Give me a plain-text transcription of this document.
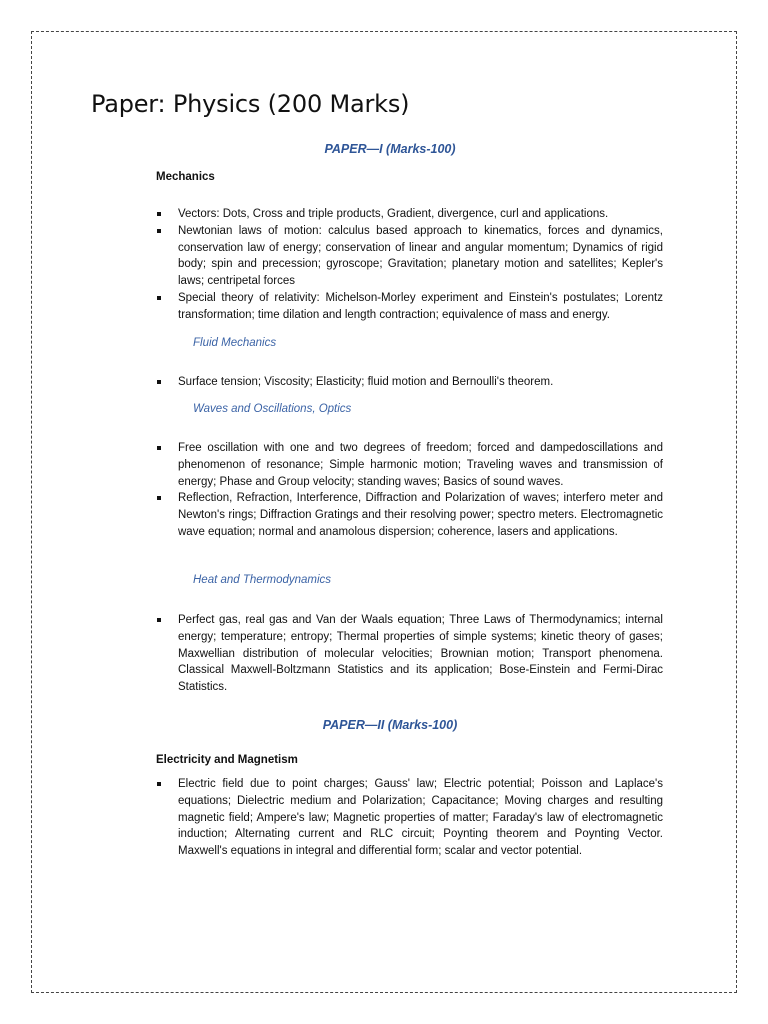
Paper: Physics (200 Marks)
PAPER—I (Marks-100)
Mechanics
Vectors: Dots, Cross and triple products, Gradient, divergence, curl and applications.
Newtonian laws of motion: calculus based approach to kinematics, forces and dynamics, conservation law of energy; conservation of linear and angular momentum; Dynamics of rigid body; spin and precession; gyroscope; Gravitation; planetary motion and satellites; Kepler's laws; centripetal forces
Special theory of relativity: Michelson-Morley experiment and Einstein's postulates; Lorentz transformation; time dilation and length contraction; equivalence of mass and energy.
Fluid Mechanics
Surface tension; Viscosity; Elasticity; fluid motion and Bernoulli's theorem.
Waves and Oscillations, Optics
Free oscillation with one and two degrees of freedom; forced and dampedoscillations and phenomenon of resonance; Simple harmonic motion; Traveling waves and transmission of energy; Phase and Group velocity; standing waves; Basics of sound waves.
Reflection, Refraction, Interference, Diffraction and Polarization of waves; interfero meter and Newton's rings; Diffraction Gratings and their resolving power; spectro meters. Electromagnetic wave equation; normal and anamolous dispersion; coherence, lasers and applications.
Heat and Thermodynamics
Perfect gas, real gas and Van der Waals equation; Three Laws of Thermodynamics; internal energy; temperature; entropy; Thermal properties of simple systems; kinetic theory of gases; Maxwellian distribution of molecular velocities; Brownian motion; Transport phenomena. Classical Maxwell-Boltzmann Statistics and its application; Bose-Einstein and Fermi-Dirac Statistics.
PAPER—II (Marks-100)
Electricity and Magnetism
Electric field due to point charges; Gauss' law; Electric potential; Poisson and Laplace's equations; Dielectric medium and Polarization; Capacitance; Moving charges and resulting magnetic field; Ampere's law; Magnetic properties of matter; Faraday's law of electromagnetic induction; Alternating current and RLC circuit; Poynting theorem and Poynting Vector. Maxwell's equations in integral and differential form; scalar and vector potential.
